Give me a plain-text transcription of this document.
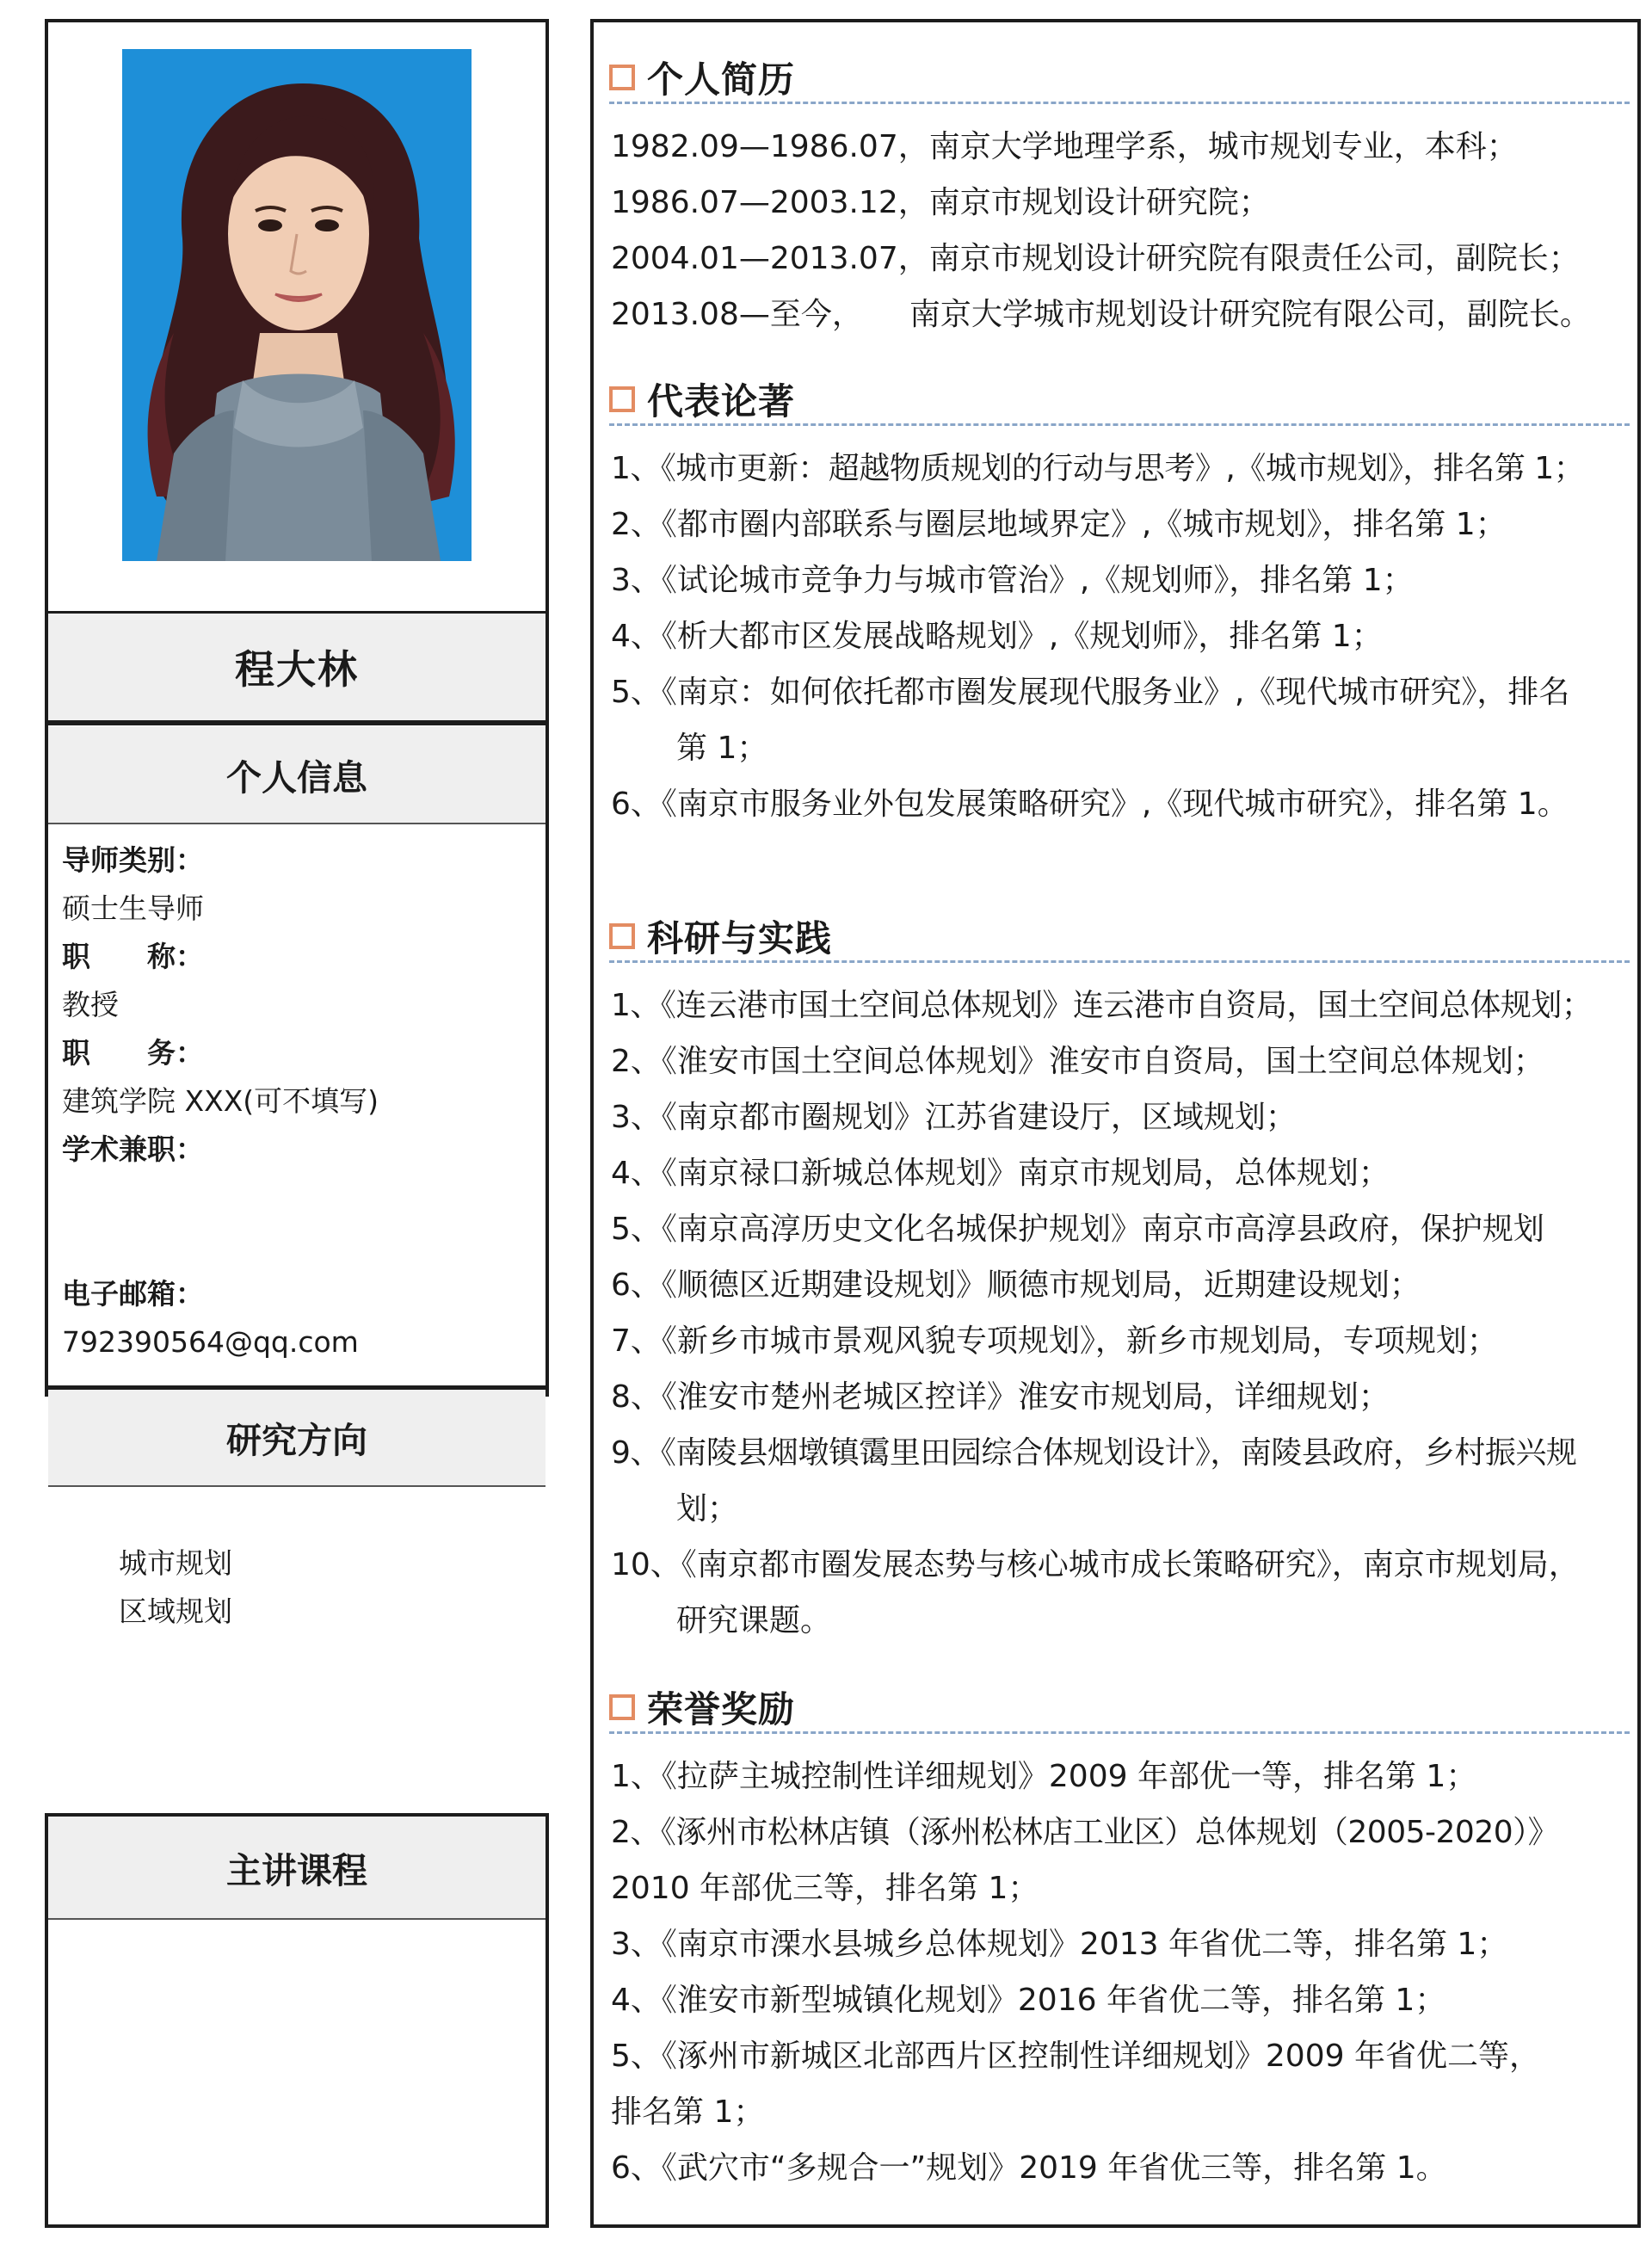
程大林
个人信息
导师类别：
硕士生导师
职　　称：
教授
职　　务：
建筑学院 XXX(可不填写)
学术兼职：
电子邮箱：
792390564@qq.com
研究方向
城市规划
区域规划
主讲课程
个人简历
1982.09—1986.07，南京大学地理学系，城市规划专业，本科；
1986.07—2003.12，南京市规划设计研究院；
2004.01—2013.07，南京市规划设计研究院有限责任公司，副院长；
2013.08—至今，　　南京大学城市规划设计研究院有限公司，副院长。
代表论著
1、《城市更新：超越物质规划的行动与思考》,《城市规划》，排名第 1；
2、《都市圈内部联系与圈层地域界定》,《城市规划》，排名第 1；
3、《试论城市竞争力与城市管治》,《规划师》，排名第 1；
4、《析大都市区发展战略规划》,《规划师》，排名第 1；
5、《南京：如何依托都市圈发展现代服务业》,《现代城市研究》，排名
第 1；
6、《南京市服务业外包发展策略研究》,《现代城市研究》，排名第 1。
科研与实践
1、《连云港市国土空间总体规划》连云港市自资局，国土空间总体规划；
2、《淮安市国土空间总体规划》淮安市自资局，国土空间总体规划；
3、《南京都市圈规划》江苏省建设厅，区域规划；
4、《南京禄口新城总体规划》南京市规划局，总体规划；
5、《南京高淳历史文化名城保护规划》南京市高淳县政府，保护规划
6、《顺德区近期建设规划》顺德市规划局，近期建设规划；
7、《新乡市城市景观风貌专项规划》，新乡市规划局，专项规划；
8、《淮安市楚州老城区控详》淮安市规划局，详细规划；
9、《南陵县烟墩镇霭里田园综合体规划设计》，南陵县政府，乡村振兴规
划；
10、《南京都市圈发展态势与核心城市成长策略研究》，南京市规划局，
研究课题。
荣誉奖励
1、《拉萨主城控制性详细规划》2009 年部优一等，排名第 1；
2、《涿州市松林店镇（涿州松林店工业区）总体规划（2005-2020）》
2010 年部优三等，排名第 1；
3、《南京市溧水县城乡总体规划》2013 年省优二等，排名第 1；
4、《淮安市新型城镇化规划》2016 年省优二等，排名第 1；
5、《涿州市新城区北部西片区控制性详细规划》2009 年省优二等，
排名第 1；
6、《武穴市“多规合一”规划》2019 年省优三等，排名第 1。
